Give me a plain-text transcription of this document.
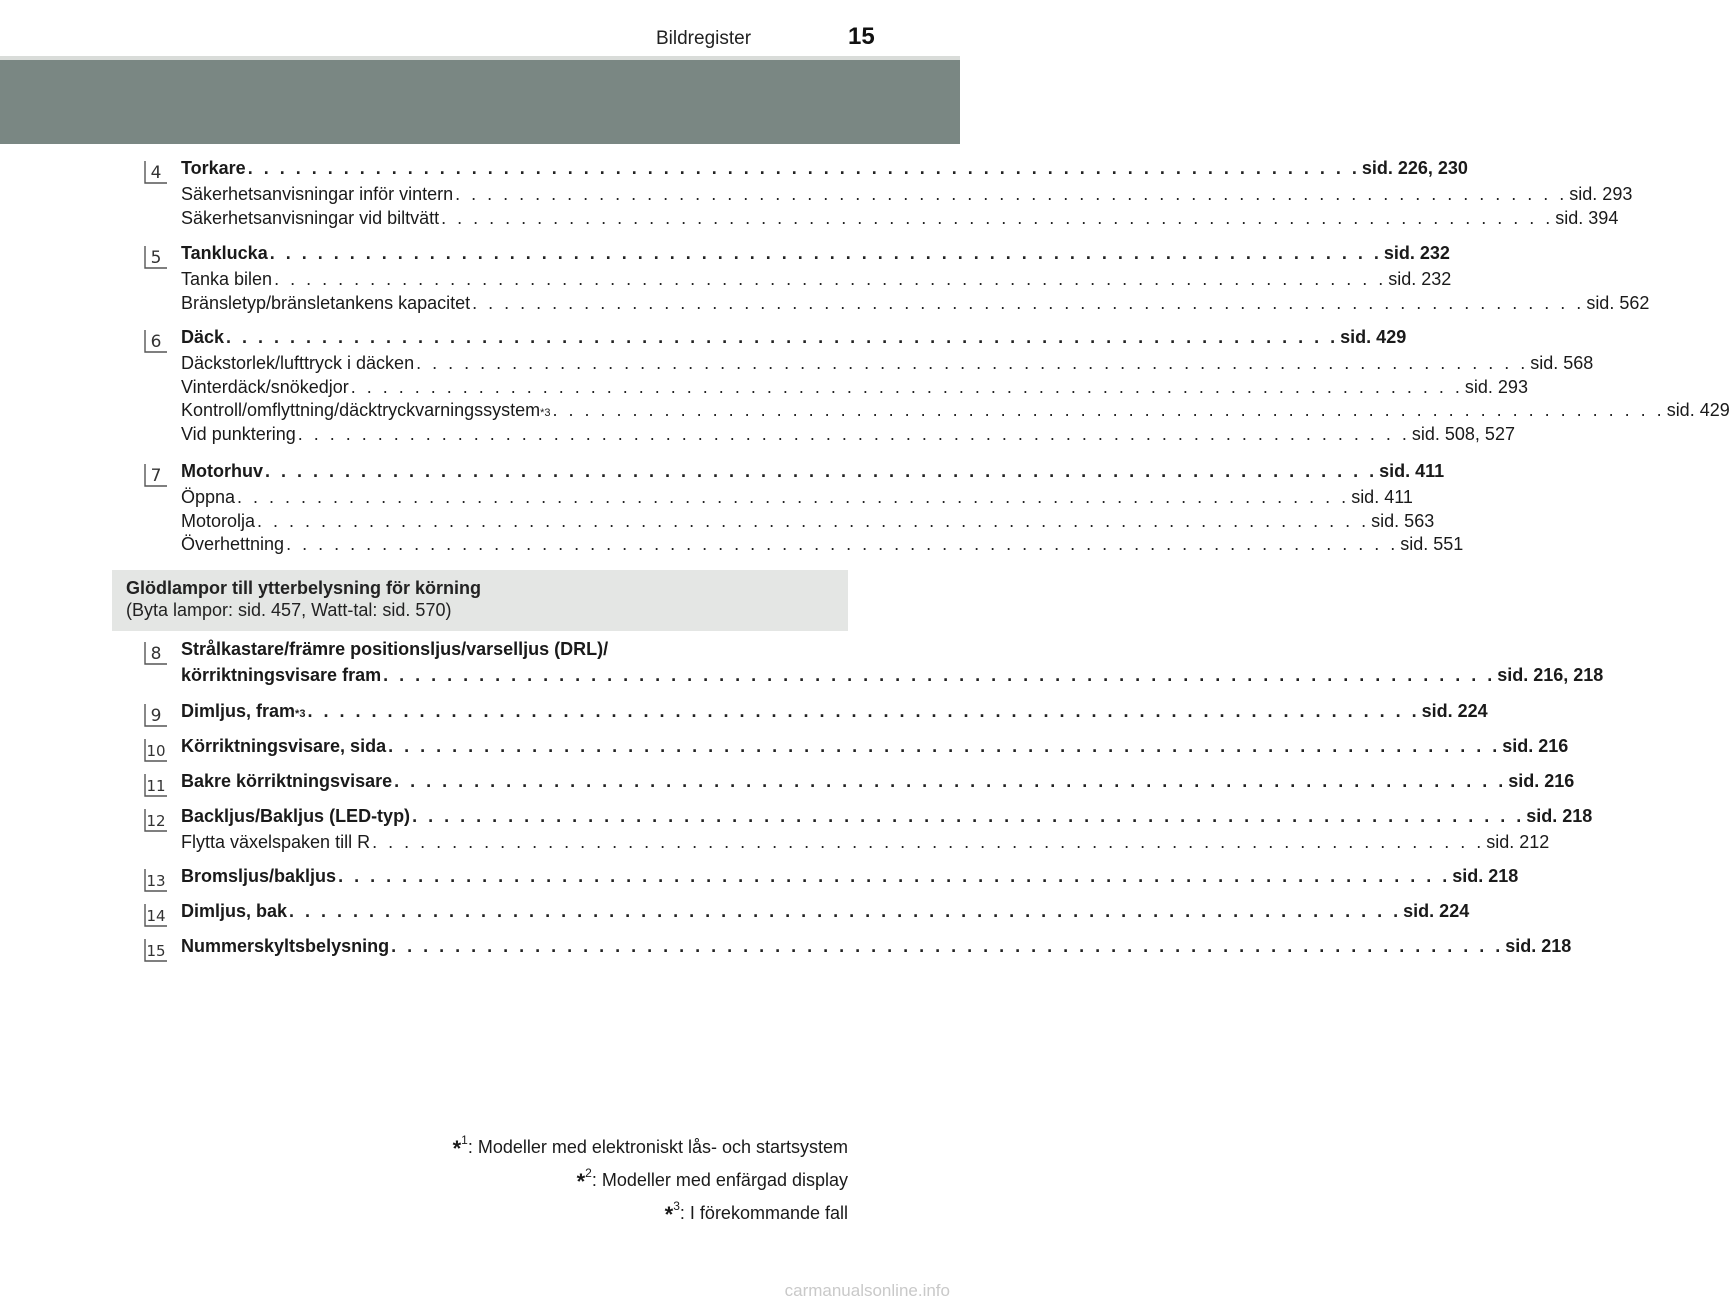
Bildregister	15
4 Torkare . . . . . . . . . . . . . . . . . . . . . . . . . . . . . . . . . . . . . . . . . . . . . . . . . . . . . . . . . . . . . . . . . . . . . . sid. 226, 230
Säkerhetsanvisningar inför vintern . . . . . . . . . . . . . . . . . . . . . . . . . . . . . . . . . . . . . . . . . . . . . . . . . . . . . . . . . . . . . . . . . . . . . . sid. 293
Säkerhetsanvisningar vid biltvätt . . . . . . . . . . . . . . . . . . . . . . . . . . . . . . . . . . . . . . . . . . . . . . . . . . . . . . . . . . . . . . . . . . . . . . sid. 394
5 Tanklucka . . . . . . . . . . . . . . . . . . . . . . . . . . . . . . . . . . . . . . . . . . . . . . . . . . . . . . . . . . . . . . . . . . . . . . sid. 232
Tanka bilen . . . . . . . . . . . . . . . . . . . . . . . . . . . . . . . . . . . . . . . . . . . . . . . . . . . . . . . . . . . . . . . . . . . . . . sid. 232
Bränsletyp/bränsletankens kapacitet . . . . . . . . . . . . . . . . . . . . . . . . . . . . . . . . . . . . . . . . . . . . . . . . . . . . . . . . . . . . . . . . . . . . . . sid. 562
6 Däck . . . . . . . . . . . . . . . . . . . . . . . . . . . . . . . . . . . . . . . . . . . . . . . . . . . . . . . . . . . . . . . . . . . . . . sid. 429
Däckstorlek/lufttryck i däcken . . . . . . . . . . . . . . . . . . . . . . . . . . . . . . . . . . . . . . . . . . . . . . . . . . . . . . . . . . . . . . . . . . . . . . sid. 568
Vinterdäck/snökedjor . . . . . . . . . . . . . . . . . . . . . . . . . . . . . . . . . . . . . . . . . . . . . . . . . . . . . . . . . . . . . . . . . . . . . . sid. 293
Kontroll/omflyttning/däcktryckvarningssystem *3 . . . . . . . . . . . . . . . . . . . . . . . . . . . . . . . . . . . . . . . . . . . . . . . . . . . . . . . . . . . . . . . . . . . . . . sid. 429
Vid punktering . . . . . . . . . . . . . . . . . . . . . . . . . . . . . . . . . . . . . . . . . . . . . . . . . . . . . . . . . . . . . . . . . . . . . . sid. 508, 527
7 Motorhuv . . . . . . . . . . . . . . . . . . . . . . . . . . . . . . . . . . . . . . . . . . . . . . . . . . . . . . . . . . . . . . . . . . . . . . sid. 411
Öppna . . . . . . . . . . . . . . . . . . . . . . . . . . . . . . . . . . . . . . . . . . . . . . . . . . . . . . . . . . . . . . . . . . . . . . sid. 411
Motorolja . . . . . . . . . . . . . . . . . . . . . . . . . . . . . . . . . . . . . . . . . . . . . . . . . . . . . . . . . . . . . . . . . . . . . . sid. 563
Överhettning . . . . . . . . . . . . . . . . . . . . . . . . . . . . . . . . . . . . . . . . . . . . . . . . . . . . . . . . . . . . . . . . . . . . . . sid. 551
Glödlampor till ytterbelysning för körning
(Byta lampor: sid. 457, Watt-tal: sid. 570)
8 Strålkastare/främre positionsljus/varselljus (DRL)/
körriktningsvisare fram . . . . . . . . . . . . . . . . . . . . . . . . . . . . . . . . . . . . . . . . . . . . . . . . . . . . . . . . . . . . . . . . . . . . . . sid. 216, 218
9 Dimljus, fram *3 . . . . . . . . . . . . . . . . . . . . . . . . . . . . . . . . . . . . . . . . . . . . . . . . . . . . . . . . . . . . . . . . . . . . . . sid. 224
10 Körriktningsvisare, sida . . . . . . . . . . . . . . . . . . . . . . . . . . . . . . . . . . . . . . . . . . . . . . . . . . . . . . . . . . . . . . . . . . . . . . sid. 216
11 Bakre körriktningsvisare . . . . . . . . . . . . . . . . . . . . . . . . . . . . . . . . . . . . . . . . . . . . . . . . . . . . . . . . . . . . . . . . . . . . . . sid. 216
12 Backljus/Bakljus (LED-typ) . . . . . . . . . . . . . . . . . . . . . . . . . . . . . . . . . . . . . . . . . . . . . . . . . . . . . . . . . . . . . . . . . . . . . . sid. 218
Flytta växelspaken till R . . . . . . . . . . . . . . . . . . . . . . . . . . . . . . . . . . . . . . . . . . . . . . . . . . . . . . . . . . . . . . . . . . . . . . sid. 212
13 Bromsljus/bakljus . . . . . . . . . . . . . . . . . . . . . . . . . . . . . . . . . . . . . . . . . . . . . . . . . . . . . . . . . . . . . . . . . . . . . . sid. 218
14 Dimljus, bak . . . . . . . . . . . . . . . . . . . . . . . . . . . . . . . . . . . . . . . . . . . . . . . . . . . . . . . . . . . . . . . . . . . . . . sid. 224
15 Nummerskyltsbelysning . . . . . . . . . . . . . . . . . . . . . . . . . . . . . . . . . . . . . . . . . . . . . . . . . . . . . . . . . . . . . . . . . . . . . . sid. 218
*$^1$: Modeller med elektroniskt lås- och startsystem
*$^2$: Modeller med enfärgad display
*$^3$: I förekommande fall
carmanualsonline.info
